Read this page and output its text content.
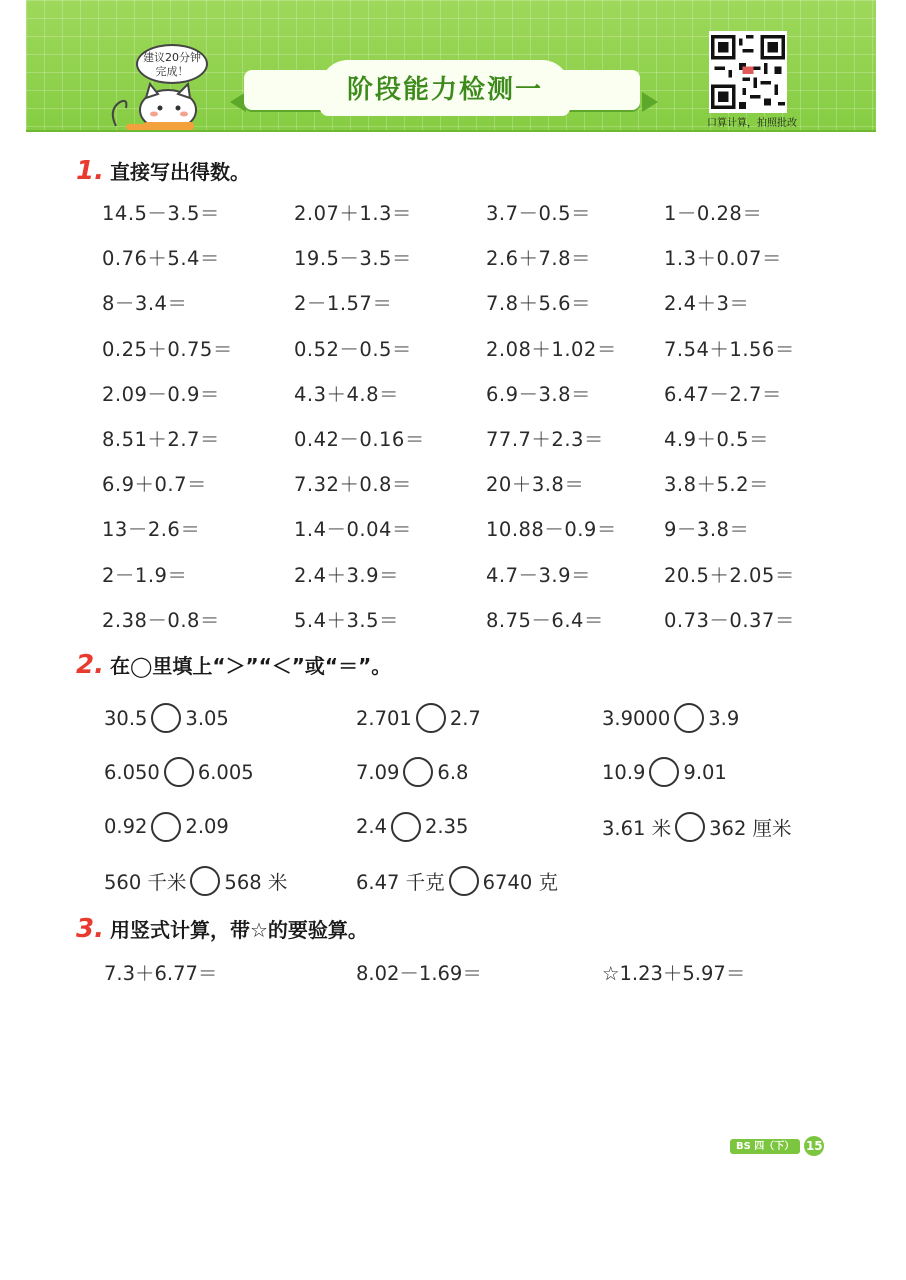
阶段能力检测一
建议20分钟完成！
口算计算，拍照批改
1. 直接写出得数。
14.5－3.5＝	2.07＋1.3＝	3.7－0.5＝	1－0.28＝
0.76＋5.4＝	19.5－3.5＝	2.6＋7.8＝	1.3＋0.07＝
8－3.4＝	2－1.57＝	7.8＋5.6＝	2.4＋3＝
0.25＋0.75＝	0.52－0.5＝	2.08＋1.02＝	7.54＋1.56＝
2.09－0.9＝	4.3＋4.8＝	6.9－3.8＝	6.47－2.7＝
8.51＋2.7＝	0.42－0.16＝	77.7＋2.3＝	4.9＋0.5＝
6.9＋0.7＝	7.32＋0.8＝	20＋3.8＝	3.8＋5.2＝
13－2.6＝	1.4－0.04＝	10.88－0.9＝	9－3.8＝
2－1.9＝	2.4＋3.9＝	4.7－3.9＝	20.5＋2.05＝
2.38－0.8＝	5.4＋3.5＝	8.75－6.4＝	0.73－0.37＝
2. 在◯里填上“＞”“＜”或“＝”。
30.5 3.05	2.701 2.7	3.9000 3.9
6.050 6.005	7.09 6.8	10.9 9.01
0.92 2.09	2.4 2.35	3.61 米 362 厘米
560 千米 568 米	6.47 千克 6740 克
3. 用竖式计算，带☆的要验算。
7.3＋6.77＝	8.02－1.69＝	☆1.23＋5.97＝
BS 四（下） 15
